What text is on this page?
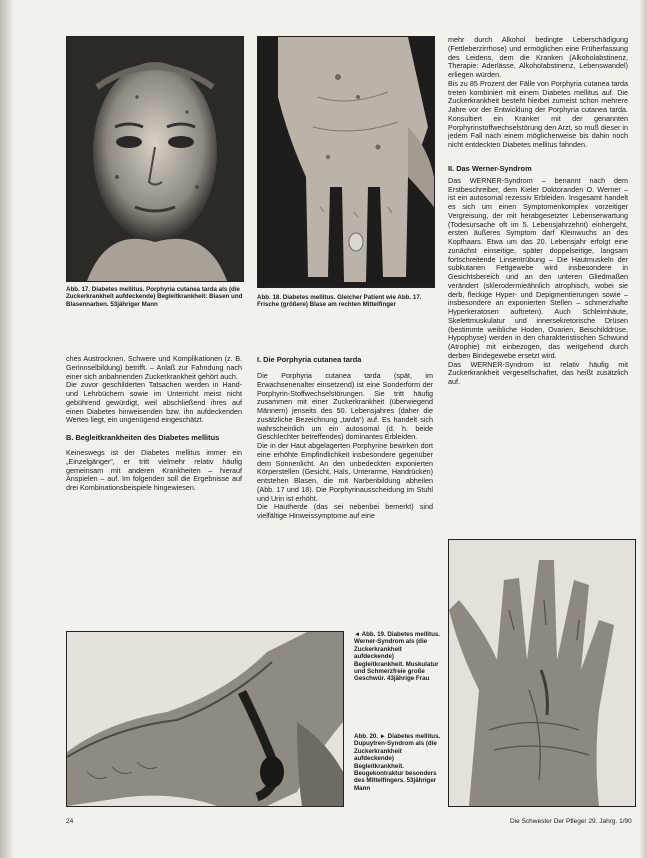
Abb. 17. Diabetes mellitus. Porphyria cutanea tarda als (die Zuckerkrankheit aufdeckende) Begleitkrankheit: Blasen und Blasennarben. 53jähriger Mann
Abb. 18. Diabetes mellitus. Gleicher Patient wie Abb. 17. Frische (größere) Blase am rechten Mittelfinger

ches Austrocknen, Schwere und Komplikationen (z. B. Gerinnselbildung) betrifft. – Anlaß zur Fahndung nach einer sich anbahnenden Zuckerkrankheit gehört auch.

Die zuvor geschilderten Tatsachen werden in Hand- und Lehrbüchern sowie im Unterricht meist nicht gebührend gewürdigt, weil abschließend ihres auf einen Diabetes hinweisenden bzw. ihn aufdeckenden Wertes liegt, ein ungenügend eingeschätzt.

B. Begleitkrankheiten des Diabetes mellitus

Keineswegs ist der Diabetes mellitus immer ein „Einzelgänger“, er tritt vielmehr relativ häufig gemeinsam mit anderen Krankheiten – hierauf Anspielen – auf. Im folgenden soll die Ergebnisse auf drei Kombinationsbeispiele hingewiesen.

I. Die Porphyria cutanea tarda

Die Porphyria cutanea tarda (spät, im Erwachsenenalter einsetzend) ist eine Sonderform der Porphyrin-Stoffwechselstörungen. Sie tritt häufig zusammen mit einer Zuckerkrankheit (überwiegend Männern) jenseits des 50. Lebensjahres (daher die zusätzliche Bezeichnung „tarda“) auf. Es handelt sich wahrscheinlich um ein autosomal (d. h. beide Geschlechter betreffendes) dominantes Erbleiden.

Die in der Haut abgelagerten Porphyrine bewirken dort eine erhöhte Empfindlichkeit insbesondere gegenüber dem Sonnenlicht. An den unbedeckten exponierten Körperstellen (Gesicht, Hals, Unterarme, Handrücken) entstehen Blasen, die mit Narbenbildung abheilen (Abb. 17 und 18). Die Porphyrinausscheidung im Stuhl und Urin ist erhöht.

Die Hautherde (das sei nebenbei bemerkt) sind vielfältige Hinweissymptome auf eine

mehr durch Alkohol bedingte Leberschädigung (Fettleberzirrhose) und ermöglichen eine Früherfassung des Leidens, dem die Kranken (Alkoholabstinenz, Therapie: Aderlässe, Alkoholabstinenz, Lebenswandel) erliegen würden.

Bis zu 85 Prozent der Fälle von Porphyria cutanea tarda treten kombiniert mit einem Diabetes mellitus auf. Die Zuckerkrankheit besteht hierbei zumeist schon mehrere Jahre vor der Entwicklung der Porphyria cutanea tarda. Konsultiert ein Kranker mit der genannten Porphyrinstoffwechselstörung den Arzt, so muß dieser in jedem Fall nach einem möglicherweise bis dahin noch nicht entdeckten Diabetes mellitus fahnden.

II. Das Werner-Syndrom

Das WERNER-Syndrom – benannt nach dem Erstbeschreiber, dem Kieler Doktoranden O. Werner – ist ein autosomal rezessiv Erbleiden. Insgesamt handelt es sich um einen Symptomenkomplex vorzeitiger Vergreisung, der mit herabgesetzter Lebenserwartung (Todesursache oft im 5. Lebensjahrzehnt) einhergeht, ersten äußeres Symptom darf Kleinwuchs an des Kopfhaars. Etwa um das 20. Lebensjahr erfolgt eine zunächst einseitige, später doppelseitige, langsam fortschreitende Linsentrübung – Die Hautmuskeln der subkutanen Fettgewebe wird insbesondere in Gesichtsbereich und an den unteren Gliedmaßen verändert (sklerodermieähnlich atrophisch, wobei sie derb, fleckige Hyper- und Depigmentierungen sowie – insbesondere an exponierten Stellen – schmerzhafte Hyperkeratosen auftreten). Auch Schleimhäute, Skelettmuskulatur und innersekretorische Drüsen (bestimmte weibliche Hoden, Ovarien, Beischilddrüse, Hypophyse) werden in den charakteristischen Schwund (Atrophie) mit einbezogen, das weitgehend durch derben Bindegewebe ersetzt wird.

Das WERNER-Syndrom ist relativ häufig mit Zuckerkrankheit vergesellschaftet, das heißt zusätzlich auf.

◄ Abb. 19. Diabetes mellitus. Werner-Syndrom als (die Zuckerkrankheit aufdeckende) Begleitkrankheit. Muskulatur und Schmerzfreie große Geschwür. 43jährige Frau
Abb. 20. ► Diabetes mellitus. Dupuytren-Syndrom als (die Zuckerkrankheit aufdeckende) Begleitkrankheit. Beugekontraktur besonders des Mittelfingers. 53jähriger Mann
24	Die Schwester Der Pfleger 29. Jahrg. 1/90
